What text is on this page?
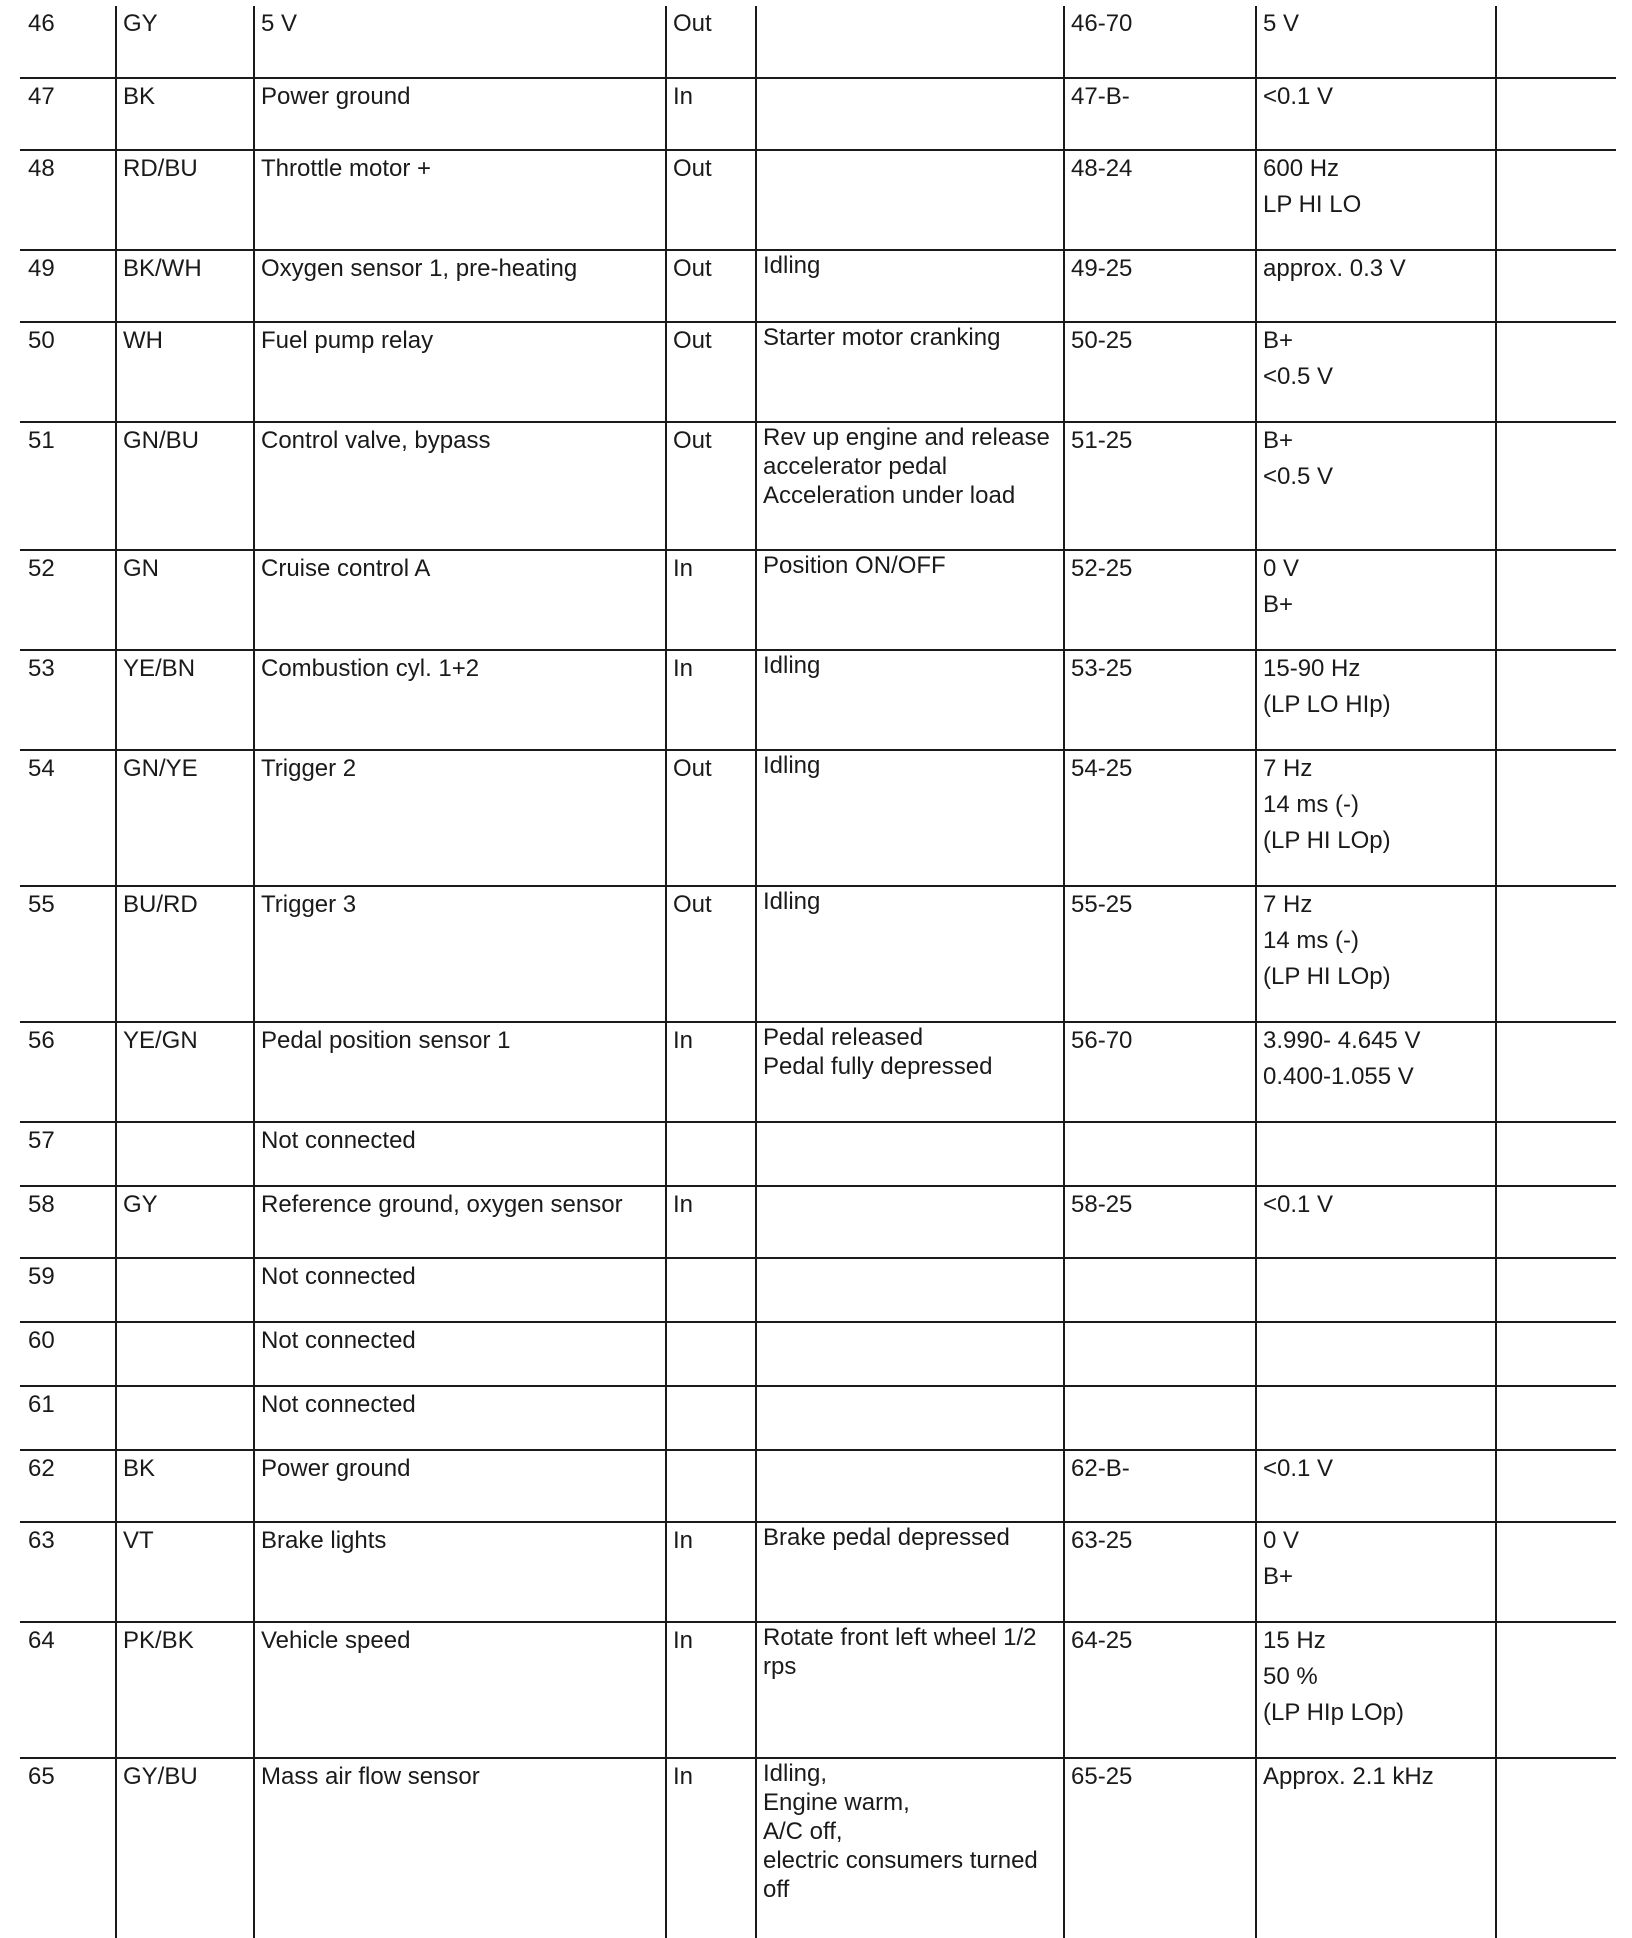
46	GY	5 V	Out		46-70	5 V	

47	BK	Power ground	In		47-B-	<0.1 V	

48	RD/BU	Throttle motor +	Out		48-24	600 Hz
LP HI LO	

49	BK/WH	Oxygen sensor 1, pre-heating	Out	Idling	49-25	approx. 0.3 V	

50	WH	Fuel pump relay	Out	Starter motor cranking	50-25	B+
<0.5 V	

51	GN/BU	Control valve, bypass	Out	Rev up engine and release accelerator pedal
Acceleration under load	51-25	B+
<0.5 V	

52	GN	Cruise control A	In	Position ON/OFF	52-25	0 V
B+	

53	YE/BN	Combustion cyl. 1+2	In	Idling	53-25	15-90 Hz
(LP LO HIp)	

54	GN/YE	Trigger 2	Out	Idling	54-25	7 Hz
14 ms (-)
(LP HI LOp)	

55	BU/RD	Trigger 3	Out	Idling	55-25	7 Hz
14 ms (-)
(LP HI LOp)	

56	YE/GN	Pedal position sensor 1	In	Pedal released
Pedal fully depressed	56-70	3.990- 4.645 V
0.400-1.055 V	

57		Not connected					
58	GY	Reference ground, oxygen sensor	In		58-25	<0.1 V	

59		Not connected					
60		Not connected					
61		Not connected					
62	BK	Power ground			62-B-	<0.1 V	

63	VT	Brake lights	In	Brake pedal depressed	63-25	0 V
B+	

64	PK/BK	Vehicle speed	In	Rotate front left wheel 1/2 rps	64-25	15 Hz
50 %
(LP HIp LOp)	

65	GY/BU	Mass air flow sensor	In	Idling,
Engine warm,
A/C off,
electric consumers turned off	65-25	Approx. 2.1 kHz	
